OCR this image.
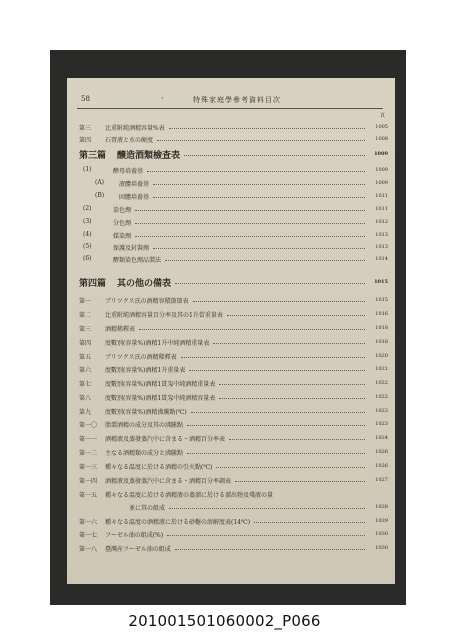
58	·	特殊家庭學參考資料目次
頁
第三 比重附純酒精容量%表	1005
第四 石膏液と水の硬度	1008
第三篇 醸造酒類檢査表	1009
(1)	酵母培養基	1009
(A) 液體培養基	1009
(B) 固體培養基	1011
(2)	染色劑	1011
(3)	分色劑	1012
(4)	媒染劑	1013
(5)	保護及封裝劑	1013
(6)	酵類染色劑品製法	1014
第四篇 其の他の備表	1015
第一 ブリツクス氏の酒精容積節節表	1015
第二 比重附純酒精容量百分率及其の1升當重量表	1016
第三 酒精稀釋表	1018
第四 度數別(容量%)酒精1升中純酒精重量表	1018
第五 ブリツクス氏の酒精稀釋表	1020
第六 度數別(容量%)酒精1升重量表	1021
第七 度數別(容量%)酒精1貫匁中純酒精重量表	1022
第八 度數別(容量%)酒精1貫匁中純酒精容量表	1022
第九 度數別(容量%)酒精沸騰點(℃)	1023
第一〇 脂製酒精の成分及其の沸騰點	1023
第一一 酒精液及蒸發蒸汽中に含まる・酒精百分率表	1024
第一二 主なる酒精類の成分と沸騰點	1026
第一三 種々なる温度に於ける酒精の引火點(℃)	1026
第一四 酒精液及蒸發蒸汽中に含まる・酒精百分率調表	1027
第一五 種々なる温度に於ける酒精液の蒸溜に於ける溜出物及殘液の量
並に其の組成	1028
第一六 種々なる温度の酒精液に於ける砂糖の溶解度表(14℃)	1029
第一七 フーゼル油の組成(%)	1030
第一八 臺灣産フーゼル油の組成	1030
201001501060002_P066
